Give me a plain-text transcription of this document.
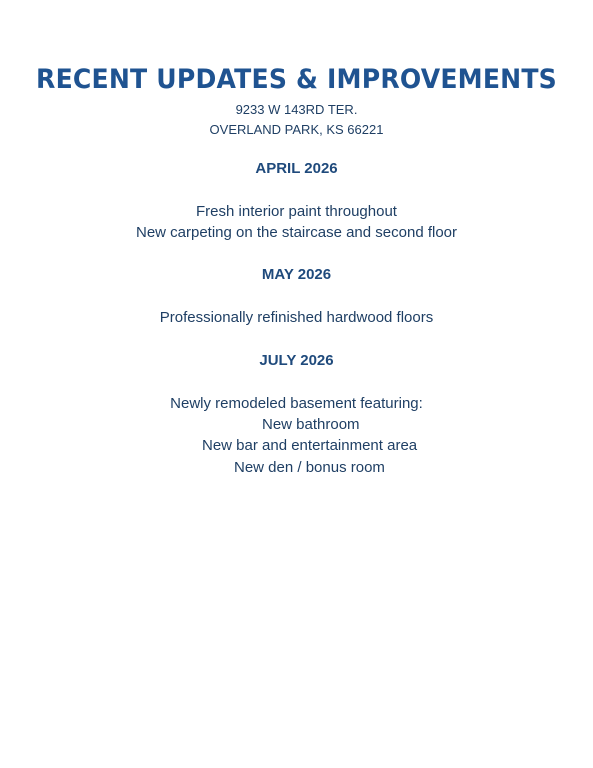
RECENT UPDATES & IMPROVEMENTS
9233 W 143RD TER.
OVERLAND PARK, KS 66221
APRIL 2026
Fresh interior paint throughout
New carpeting on the staircase and second floor
MAY 2026
Professionally refinished hardwood floors
JULY 2026
Newly remodeled basement featuring:
New bathroom
New bar and entertainment area
New den / bonus room
